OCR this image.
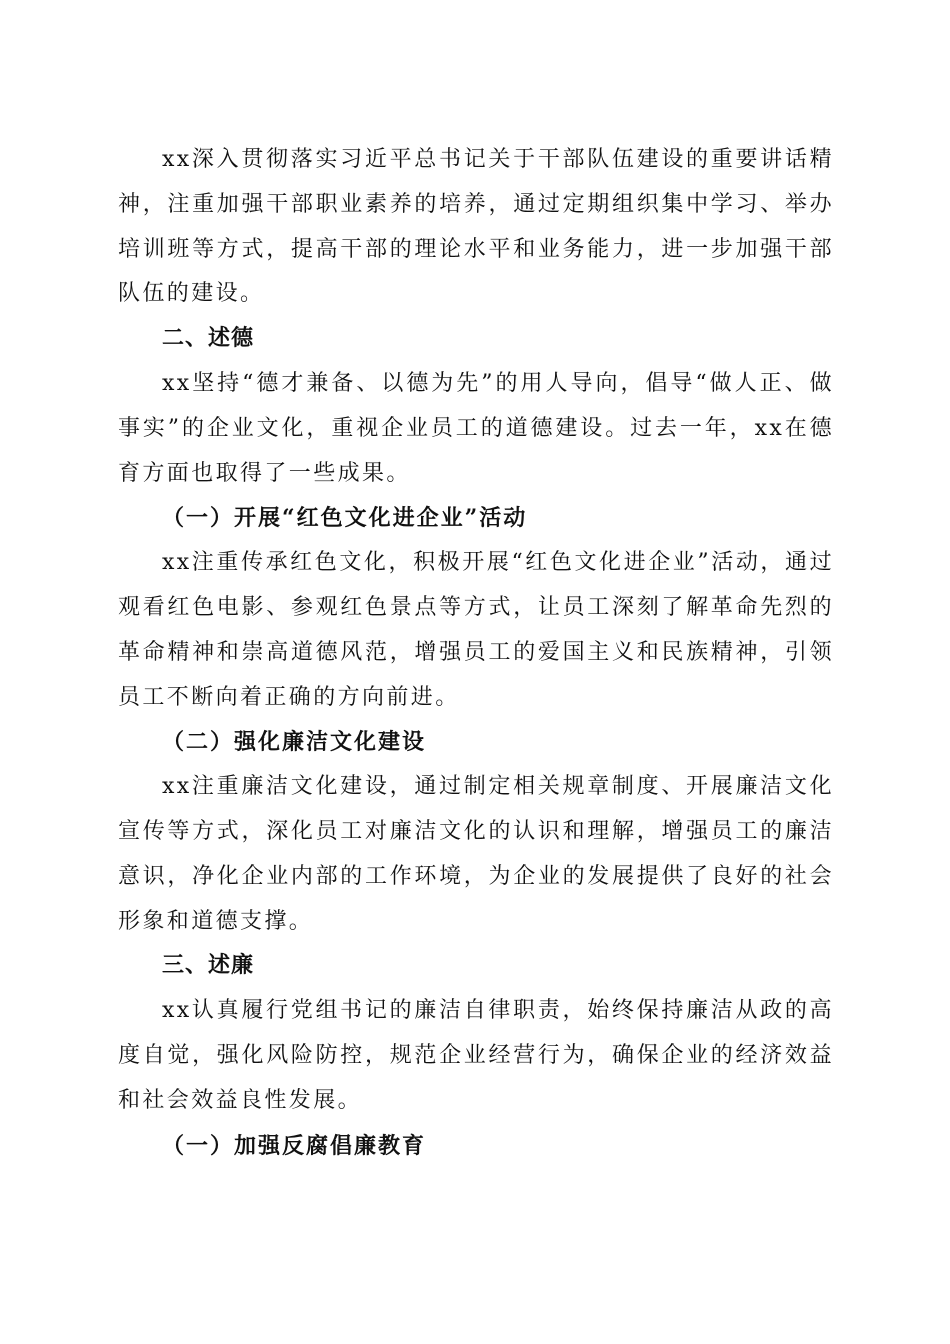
xx深入贯彻落实习近平总书记关于干部队伍建设的重要讲话精神，注重加强干部职业素养的培养，通过定期组织集中学习、举办培训班等方式，提高干部的理论水平和业务能力，进一步加强干部队伍的建设。

二、述德

xx坚持“德才兼备、以德为先”的用人导向，倡导“做人正、做事实”的企业文化，重视企业员工的道德建设。过去一年，xx在德育方面也取得了一些成果。

（一）开展“红色文化进企业”活动

xx注重传承红色文化，积极开展“红色文化进企业”活动，通过观看红色电影、参观红色景点等方式，让员工深刻了解革命先烈的革命精神和崇高道德风范，增强员工的爱国主义和民族精神，引领员工不断向着正确的方向前进。

（二）强化廉洁文化建设

xx注重廉洁文化建设，通过制定相关规章制度、开展廉洁文化宣传等方式，深化员工对廉洁文化的认识和理解，增强员工的廉洁意识，净化企业内部的工作环境，为企业的发展提供了良好的社会形象和道德支撑。

三、述廉

xx认真履行党组书记的廉洁自律职责，始终保持廉洁从政的高度自觉，强化风险防控，规范企业经营行为，确保企业的经济效益和社会效益良性发展。

（一）加强反腐倡廉教育
